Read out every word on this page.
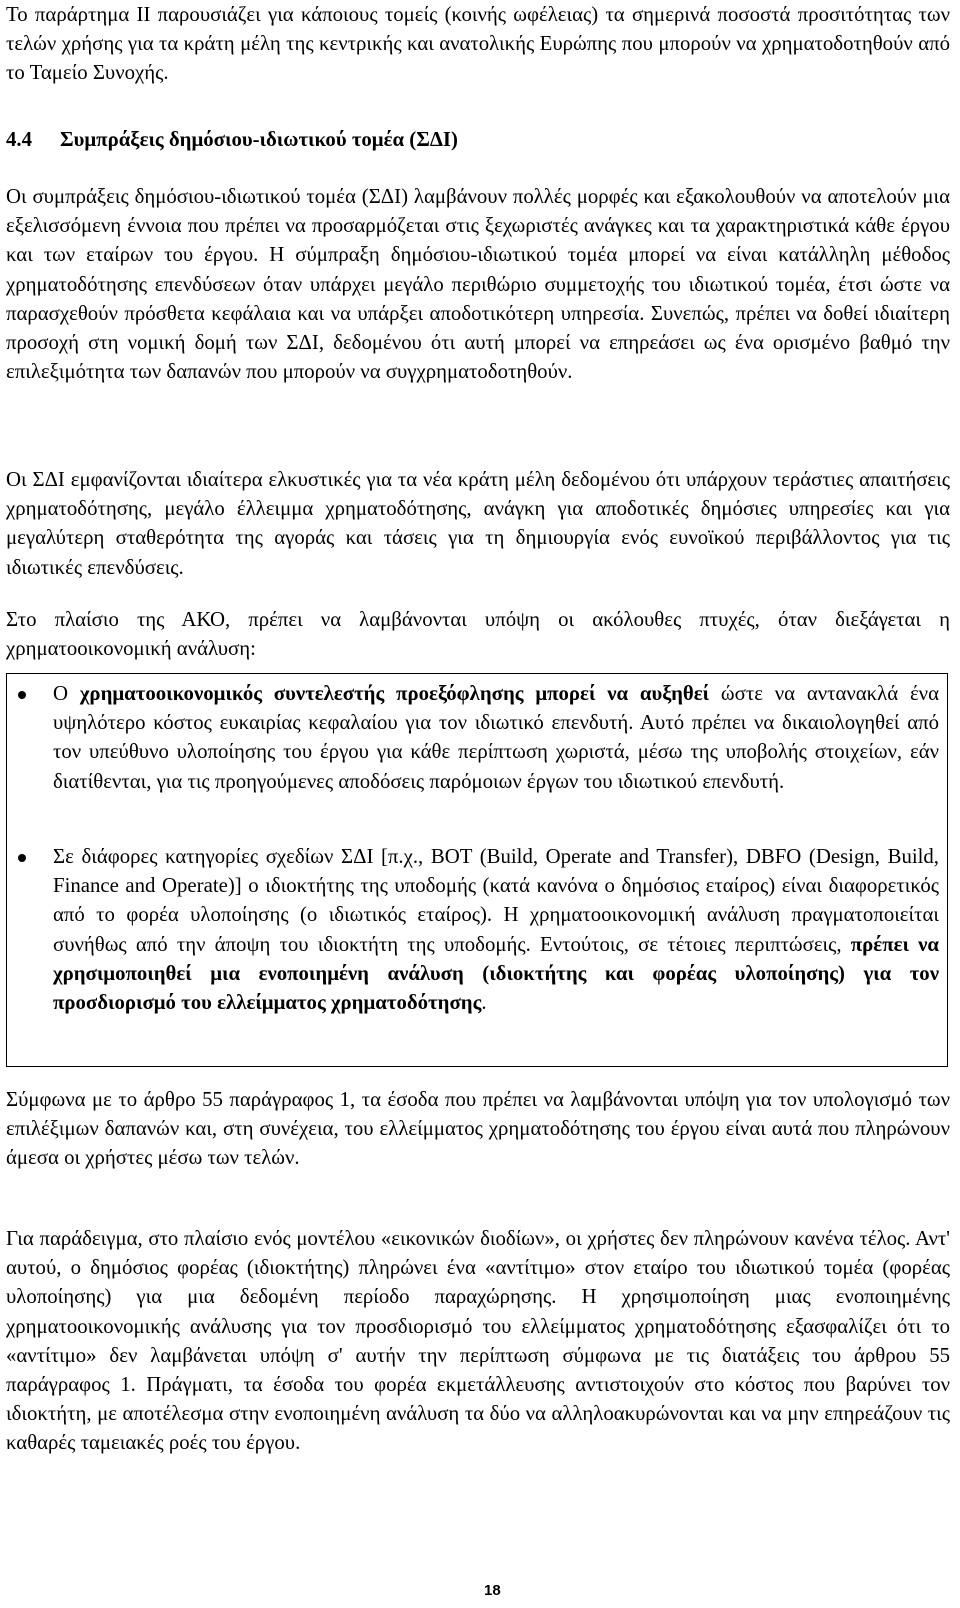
Το παράρτημα ΙΙ παρουσιάζει για κάποιους τομείς (κοινής ωφέλειας) τα σημερινά ποσοστά προσιτότητας των τελών χρήσης για τα κράτη μέλη της κεντρικής και ανατολικής Ευρώπης που μπορούν να χρηματοδοτηθούν από το Ταμείο Συνοχής.

4.4 Συμπράξεις δημόσιου-ιδιωτικού τομέα (ΣΔΙ)

Οι συμπράξεις δημόσιου-ιδιωτικού τομέα (ΣΔΙ) λαμβάνουν πολλές μορφές και εξακολουθούν να αποτελούν μια εξελισσόμενη έννοια που πρέπει να προσαρμόζεται στις ξεχωριστές ανάγκες και τα χαρακτηριστικά κάθε έργου και των εταίρων του έργου. Η σύμπραξη δημόσιου-ιδιωτικού τομέα μπορεί να είναι κατάλληλη μέθοδος χρηματοδότησης επενδύσεων όταν υπάρχει μεγάλο περιθώριο συμμετοχής του ιδιωτικού τομέα, έτσι ώστε να παρασχεθούν πρόσθετα κεφάλαια και να υπάρξει αποδοτικότερη υπηρεσία. Συνεπώς, πρέπει να δοθεί ιδιαίτερη προσοχή στη νομική δομή των ΣΔΙ, δεδομένου ότι αυτή μπορεί να επηρεάσει ως ένα ορισμένο βαθμό την επιλεξιμότητα των δαπανών που μπορούν να συγχρηματοδοτηθούν.

Οι ΣΔΙ εμφανίζονται ιδιαίτερα ελκυστικές για τα νέα κράτη μέλη δεδομένου ότι υπάρχουν τεράστιες απαιτήσεις χρηματοδότησης, μεγάλο έλλειμμα χρηματοδότησης, ανάγκη για αποδοτικές δημόσιες υπηρεσίες και για μεγαλύτερη σταθερότητα της αγοράς και τάσεις για τη δημιουργία ενός ευνοϊκού περιβάλλοντος για τις ιδιωτικές επενδύσεις.

Στο πλαίσιο της ΑΚΟ, πρέπει να λαμβάνονται υπόψη οι ακόλουθες πτυχές, όταν διεξάγεται η χρηματοοικονομική ανάλυση:

Ο χρηματοοικονομικός συντελεστής προεξόφλησης μπορεί να αυξηθεί ώστε να αντανακλά ένα υψηλότερο κόστος ευκαιρίας κεφαλαίου για τον ιδιωτικό επενδυτή. Αυτό πρέπει να δικαιολογηθεί από τον υπεύθυνο υλοποίησης του έργου για κάθε περίπτωση χωριστά, μέσω της υποβολής στοιχείων, εάν διατίθενται, για τις προηγούμενες αποδόσεις παρόμοιων έργων του ιδιωτικού επενδυτή.

Σε διάφορες κατηγορίες σχεδίων ΣΔΙ [π.χ., BOT (Build, Operate and Transfer), DBFO (Design, Build, Finance and Operate)] ο ιδιοκτήτης της υποδομής (κατά κανόνα ο δημόσιος εταίρος) είναι διαφορετικός από το φορέα υλοποίησης (ο ιδιωτικός εταίρος). Η χρηματοοικονομική ανάλυση πραγματοποιείται συνήθως από την άποψη του ιδιοκτήτη της υποδομής. Εντούτοις, σε τέτοιες περιπτώσεις, πρέπει να χρησιμοποιηθεί μια ενοποιημένη ανάλυση (ιδιοκτήτης και φορέας υλοποίησης) για τον προσδιορισμό του ελλείμματος χρηματοδότησης.

Σύμφωνα με το άρθρο 55 παράγραφος 1, τα έσοδα που πρέπει να λαμβάνονται υπόψη για τον υπολογισμό των επιλέξιμων δαπανών και, στη συνέχεια, του ελλείμματος χρηματοδότησης του έργου είναι αυτά που πληρώνουν άμεσα οι χρήστες μέσω των τελών.

Για παράδειγμα, στο πλαίσιο ενός μοντέλου «εικονικών διοδίων», οι χρήστες δεν πληρώνουν κανένα τέλος. Αντ' αυτού, ο δημόσιος φορέας (ιδιοκτήτης) πληρώνει ένα «αντίτιμο» στον εταίρο του ιδιωτικού τομέα (φορέας υλοποίησης) για μια δεδομένη περίοδο παραχώρησης. Η χρησιμοποίηση μιας ενοποιημένης χρηματοοικονομικής ανάλυσης για τον προσδιορισμό του ελλείμματος χρηματοδότησης εξασφαλίζει ότι το «αντίτιμο» δεν λαμβάνεται υπόψη σ' αυτήν την περίπτωση σύμφωνα με τις διατάξεις του άρθρου 55 παράγραφος 1. Πράγματι, τα έσοδα του φορέα εκμετάλλευσης αντιστοιχούν στο κόστος που βαρύνει τον ιδιοκτήτη, με αποτέλεσμα στην ενοποιημένη ανάλυση τα δύο να αλληλοακυρώνονται και να μην επηρεάζουν τις καθαρές ταμειακές ροές του έργου.

18
